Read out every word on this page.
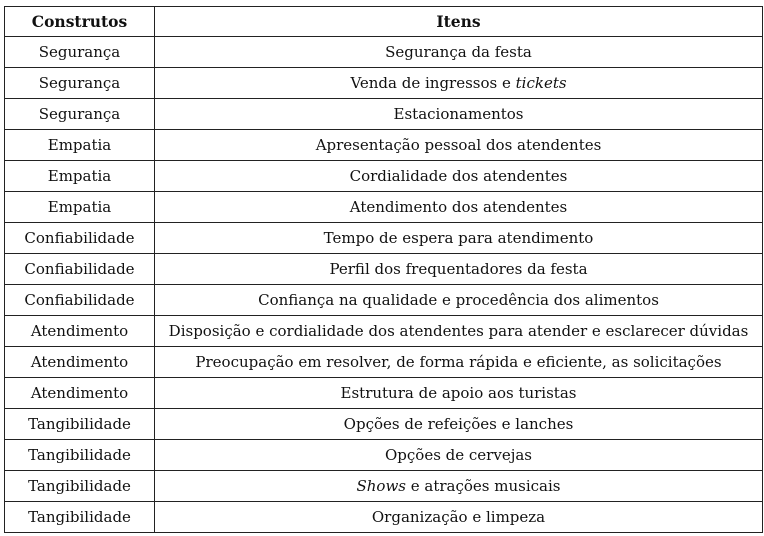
Construtos	Itens
Segurança	Segurança da festa
Segurança	Venda de ingressos e tickets
Segurança	Estacionamentos
Empatia	Apresentação pessoal dos atendentes
Empatia	Cordialidade dos atendentes
Empatia	Atendimento dos atendentes
Confiabilidade	Tempo de espera para atendimento
Confiabilidade	Perfil dos frequentadores da festa
Confiabilidade	Confiança na qualidade e procedência dos alimentos
Atendimento	Disposição e cordialidade dos atendentes para atender e esclarecer dúvidas
Atendimento	Preocupação em resolver, de forma rápida e eficiente, as solicitações
Atendimento	Estrutura de apoio aos turistas
Tangibilidade	Opções de refeições e lanches
Tangibilidade	Opções de cervejas
Tangibilidade	Shows e atrações musicais
Tangibilidade	Organização e limpeza
